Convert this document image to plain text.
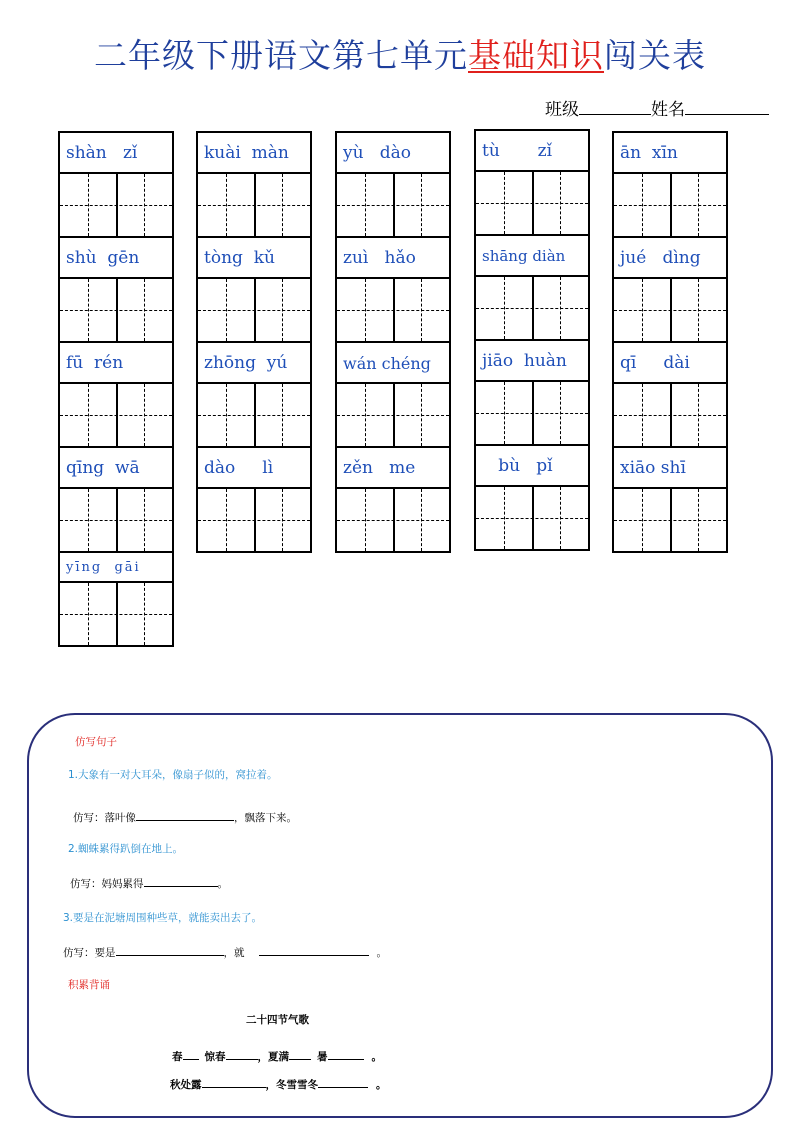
二年级下册语文第七单元基础知识闯关表
班级	姓名
shàn   zǐ
shù  gēn
fū  rén
qīng  wā
yīng  gāi
kuài  màn
tòng  kǔ
zhōng  yú
dào     lì
yù   dào
zuì   hǎo
wán chéng
zěn   me
tù       zǐ
shāng diàn
jiāo  huàn
bù   pǐ
ān  xīn
jué   dìng
qī     dài
xiāo shī
仿写句子
1.大象有一对大耳朵，像扇子似的，窝拉着。
仿写：落叶像	，飘落下来。
2.蜘蛛累得趴倒在地上。
仿写：妈妈累得	。
3.要是在泥塘周围种些草，就能卖出去了。
仿写：要是	，就	。
积累背诵
二十四节气歌
春 惊春	，夏满	暑	。
秋处露	，冬雪雪冬	。
